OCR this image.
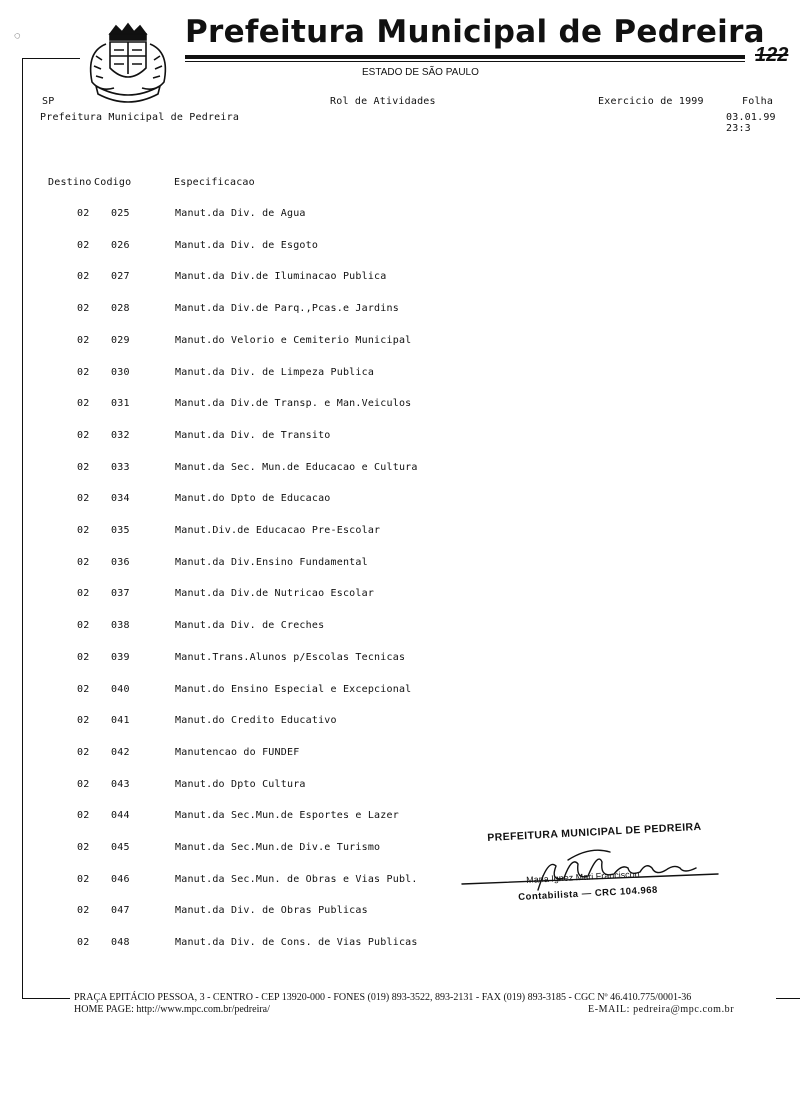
◌	Prefeitura Municipal de Pedreira
122
ESTADO DE SÃO PAULO
SP
Prefeitura Municipal de Pedreira
Rol de Atividades	Exercicio de 1999	Folha
03.01.99 23:3
Destino Codigo	Especificacao
02 025	Manut.da Div. de Agua
02 026	Manut.da Div. de Esgoto
02 027	Manut.da Div.de Iluminacao Publica
02 028	Manut.da Div.de Parq.,Pcas.e Jardins
02 029	Manut.do Velorio e Cemiterio Municipal
02 030	Manut.da Div. de Limpeza Publica
02 031	Manut.da Div.de Transp. e Man.Veiculos
02 032	Manut.da Div. de Transito
02 033	Manut.da Sec. Mun.de Educacao e Cultura
02 034	Manut.do Dpto de Educacao
02 035	Manut.Div.de Educacao Pre-Escolar
02 036	Manut.da Div.Ensino Fundamental
02 037	Manut.da Div.de Nutricao Escolar
02 038	Manut.da Div. de Creches
02 039	Manut.Trans.Alunos p/Escolas Tecnicas
02 040	Manut.do Ensino Especial e Excepcional
02 041	Manut.do Credito Educativo
02 042	Manutencao do FUNDEF
02 043	Manut.do Dpto Cultura
02 044	Manut.da Sec.Mun.de Esportes e Lazer
02 045	Manut.da Sec.Mun.de Div.e Turismo
02 046	Manut.da Sec.Mun. de Obras e Vias Publ.
02 047	Manut.da Div. de Obras Publicas
02 048	Manut.da Div. de Cons. de Vias Publicas
PREFEITURA MUNICIPAL DE PEDREIRA
Maria Ignez Mari Franciscon
Contabilista — CRC 104.968
PRAÇA EPITÁCIO PESSOA, 3 - CENTRO - CEP 13920-000 - FONES (019) 893-3522, 893-2131 - FAX (019) 893-3185 - CGC Nº 46.410.775/0001-36
HOME PAGE: http://www.mpc.com.br/pedreira/	E-MAIL: pedreira@mpc.com.br
